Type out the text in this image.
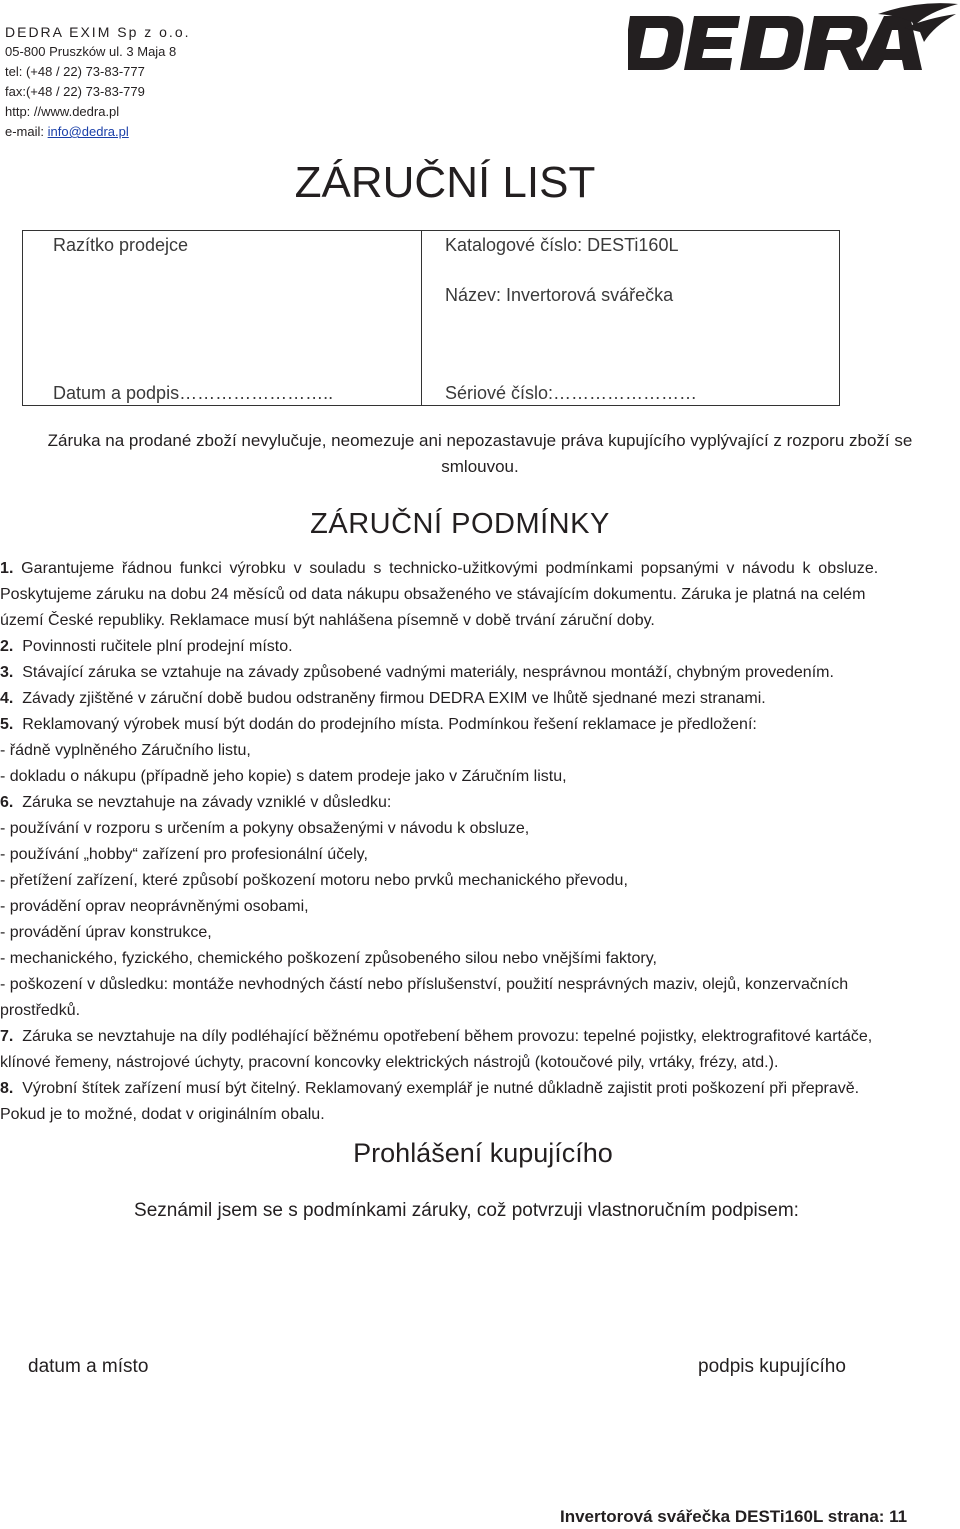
DEDRA EXIM Sp z o.o.
05-800 Pruszków ul. 3 Maja 8
tel: (+48 / 22) 73-83-777
fax:(+48 / 22) 73-83-779
http: //www.dedra.pl
e-mail: info@dedra.pl
ZÁRUČNÍ LIST
Razítko prodejce	Katalogové číslo: DESTi160L
Název: Invertorová svářečka
Datum a podpis……………………..	Sériové číslo:……………………
Záruka na prodané zboží nevylučuje, neomezuje ani nepozastavuje práva kupujícího vyplývající z rozporu zboží se smlouvou.
ZÁRUČNÍ PODMÍNKY
1. Garantujeme řádnou funkci výrobku v souladu s technicko-užitkovými podmínkami popsanými v návodu k obsluze.
Poskytujeme záruku na dobu 24 měsíců od data nákupu obsaženého ve stávajícím dokumentu. Záruka je platná na celém
území České republiky. Reklamace musí být nahlášena písemně v době trvání záruční doby.
2. Povinnosti ručitele plní prodejní místo.
3. Stávající záruka se vztahuje na závady způsobené vadnými materiály, nesprávnou montáží, chybným provedením.
4. Závady zjištěné v záruční době budou odstraněny firmou DEDRA EXIM ve lhůtě sjednané mezi stranami.
5. Reklamovaný výrobek musí být dodán do prodejního místa. Podmínkou řešení reklamace je předložení:
- řádně vyplněného Záručního listu,
- dokladu o nákupu (případně jeho kopie) s datem prodeje jako v Záručním listu,
6. Záruka se nevztahuje na závady vzniklé v důsledku:
- používání v rozporu s určením a pokyny obsaženými v návodu k obsluze,
- používání „hobby“ zařízení pro profesionální účely,
- přetížení zařízení, které způsobí poškození motoru nebo prvků mechanického převodu,
- provádění oprav neoprávněnými osobami,
- provádění úprav konstrukce,
- mechanického, fyzického, chemického poškození způsobeného silou nebo vnějšími faktory,
- poškození v důsledku: montáže nevhodných částí nebo příslušenství, použití nesprávných maziv, olejů, konzervačních
prostředků.
7. Záruka se nevztahuje na díly podléhající běžnému opotřebení během provozu: tepelné pojistky, elektrografitové kartáče,
klínové řemeny, nástrojové úchyty, pracovní koncovky elektrických nástrojů (kotoučové pily, vrtáky, frézy, atd.).
8. Výrobní štítek zařízení musí být čitelný. Reklamovaný exemplář je nutné důkladně zajistit proti poškození při přepravě.
Pokud je to možné, dodat v originálním obalu.
Prohlášení kupujícího
Seznámil jsem se s podmínkami záruky, což potvrzuji vlastnoručním podpisem:
datum a místo	podpis kupujícího
Invertorová svářečka DESTi160L strana: 11
